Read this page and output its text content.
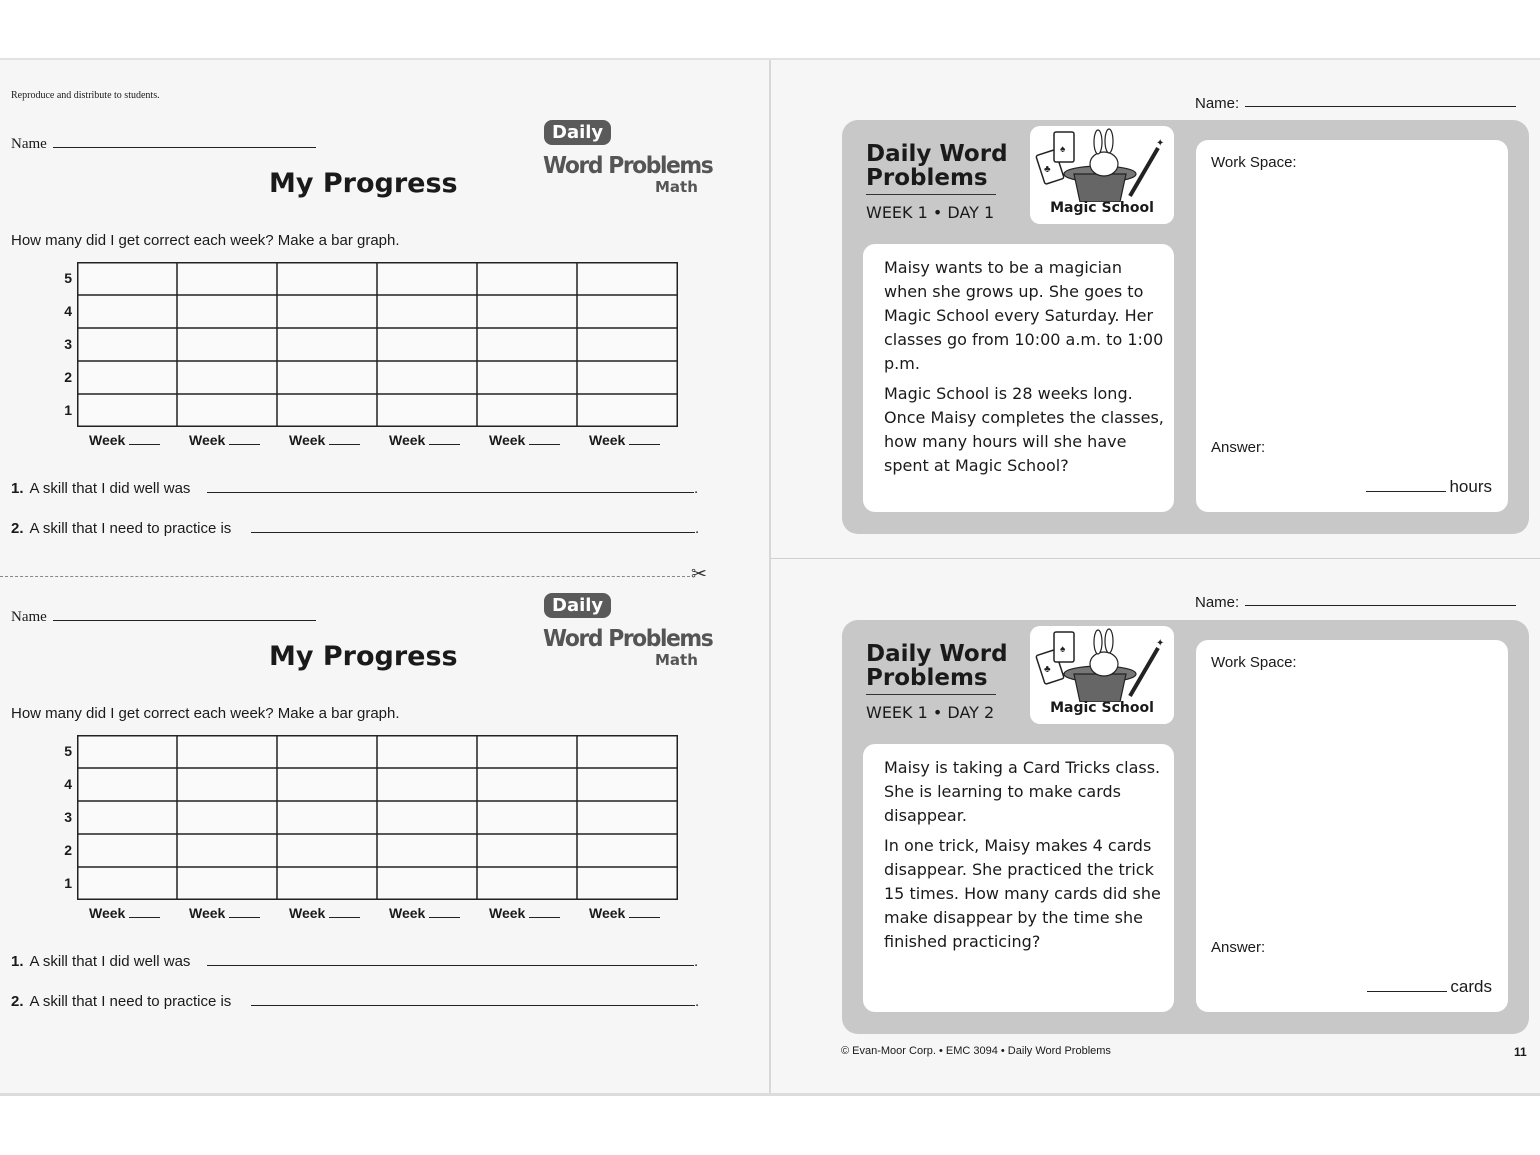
Reproduce and distribute to students.
Name
My Progress
Daily
Word Problems
Math
How many did I get correct each week? Make a bar graph.
5
4
3
2
1
Week	Week	Week	Week	Week	Week
1. A skill that I did well was	.
2. A skill that I need to practice is	.
✂
Name
My Progress
Daily
Word Problems
Math
How many did I get correct each week? Make a bar graph.
5
4
3
2
1
Week	Week	Week	Week	Week	Week
1. A skill that I did well was	.
2. A skill that I need to practice is	.
Name:
Daily Word
Problems
WEEK 1 • DAY 1
♠
♣
✦
Magic School

Maisy wants to be a magician when she grows up. She goes to Magic School every Saturday. Her classes go from 10:00 a.m. to 1:00 p.m.

Magic School is 28 weeks long. Once Maisy completes the classes, how many hours will she have spent at Magic School?

Work Space:
Answer:
hours
Name:
Daily Word
Problems
WEEK 1 • DAY 2
♠
♣
✦
Magic School

Maisy is taking a Card Tricks class. She is learning to make cards disappear.

In one trick, Maisy makes 4 cards disappear. She practiced the trick 15 times. How many cards did she make disappear by the time she finished practicing?

Work Space:
Answer:
cards
© Evan-Moor Corp. • EMC 3094 • Daily Word Problems	11
